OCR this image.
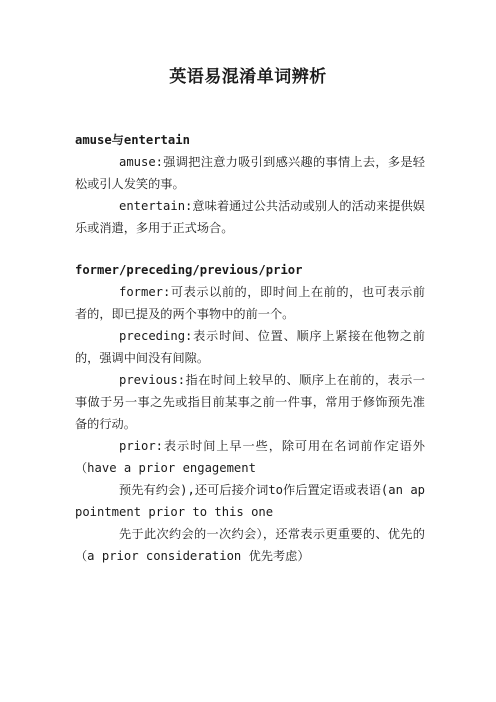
英语易混淆单词辨析

amuse与entertain

amuse:强调把注意力吸引到感兴趣的事情上去，多是轻松或引人发笑的事。

entertain:意味着通过公共活动或别人的活动来提供娱乐或消遣，多用于正式场合。

former/preceding/previous/prior

former:可表示以前的，即时间上在前的，也可表示前者的，即已提及的两个事物中的前一个。

preceding:表示时间、位置、顺序上紧接在他物之前的，强调中间没有间隙。

previous:指在时间上较早的、顺序上在前的，表示一事做于另一事之先或指目前某事之前一件事，常用于修饰预先准备的行动。

prior:表示时间上早一些，除可用在名词前作定语外（have a prior engagement

预先有约会),还可后接介词to作后置定语或表语(an appointment prior to this one

先于此次约会的一次约会），还常表示更重要的、优先的（a prior consideration 优先考虑）
